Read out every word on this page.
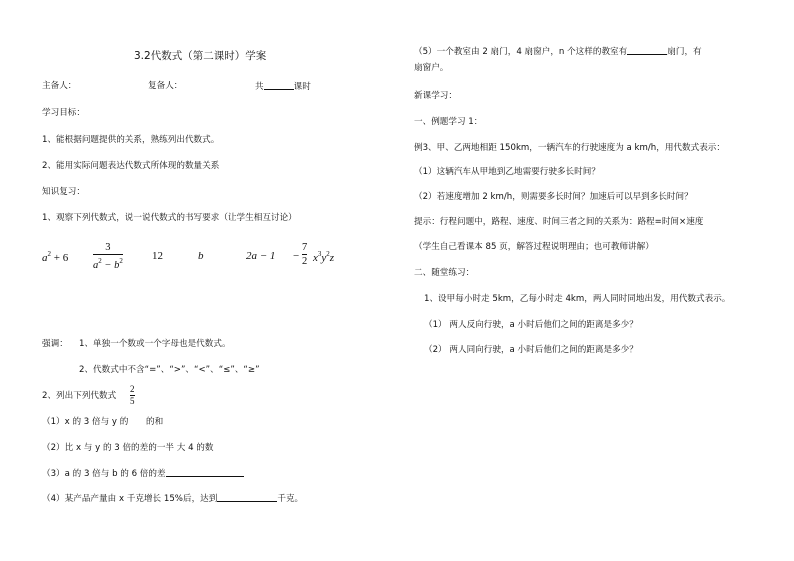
3.2代数式（第二课时）学案
主备人：	复备人：	共	课时
学习目标：
1、能根据问题提供的关系，熟练列出代数式。
2、能用实际问题表达代数式所体现的数量关系
知识复习：
1、观察下列代数式，说一说代数式的书写要求（让学生相互讨论）
$a^2 + 6$
3
$a^2 - b^2$	12	b	2a − 1 −
7
2 $x^3y^2z$
强调： 1、单独一个数或一个字母也是代数式。
2、代数式中不含“=”、“>”、“<”、“≤”、“≥”
2、列出下列代数式
2
5
（1）x 的 3 倍与 y 的 的和
（2）比 x 与 y 的 3 倍的差的一半 大 4 的数
（3）a 的 3 倍与 b 的 6 倍的差
（4）某产品产量由 x 千克增长 15%后，达到	千克。
（5）一个教室由 2 扇门，4 扇窗户，n 个这样的教室有	扇门，有
扇窗户。
新课学习：
一、例题学习 1：
例3、甲、乙两地相距 150km，一辆汽车的行驶速度为 a km/h，用代数式表示：
（1）这辆汽车从甲地到乙地需要行驶多长时间？
（2）若速度增加 2 km/h，则需要多长时间？加速后可以早到多长时间？
提示：行程问题中，路程、速度、时间三者之间的关系为：路程=时间×速度
（学生自己看课本 85 页，解答过程说明理由；也可教师讲解）
二、随堂练习：
1、设甲每小时走 5km，乙每小时走 4km，两人同时同地出发，用代数式表示。
（1） 两人反向行驶，a 小时后他们之间的距离是多少？
（2） 两人同向行驶，a 小时后他们之间的距离是多少？
